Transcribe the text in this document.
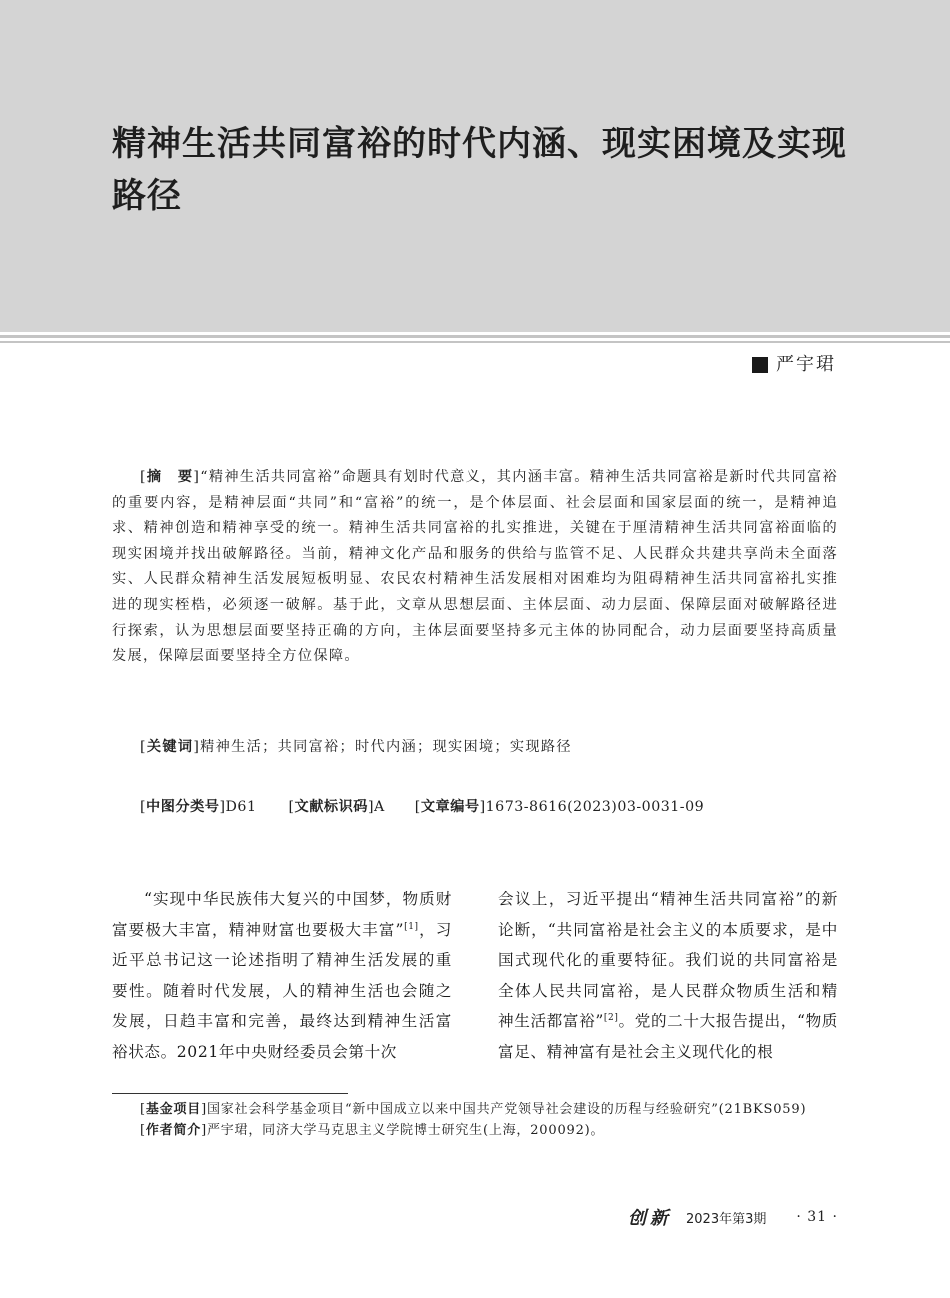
精神生活共同富裕的时代内涵、现实困境及实现路径
严宇珺

[摘　要]“精神生活共同富裕”命题具有划时代意义，其内涵丰富。精神生活共同富裕是新时代共同富裕的重要内容，是精神层面“共同”和“富裕”的统一，是个体层面、社会层面和国家层面的统一，是精神追求、精神创造和精神享受的统一。精神生活共同富裕的扎实推进，关键在于厘清精神生活共同富裕面临的现实困境并找出破解路径。当前，精神文化产品和服务的供给与监管不足、人民群众共建共享尚未全面落实、人民群众精神生活发展短板明显、农民农村精神生活发展相对困难均为阻碍精神生活共同富裕扎实推进的现实桎梏，必须逐一破解。基于此，文章从思想层面、主体层面、动力层面、保障层面对破解路径进行探索，认为思想层面要坚持正确的方向，主体层面要坚持多元主体的协同配合，动力层面要坚持高质量发展，保障层面要坚持全方位保障。

[关键词]精神生活；共同富裕；时代内涵；现实困境；实现路径
[中图分类号]D61 [文献标识码]A [文章编号]1673-8616(2023)03-0031-09

“实现中华民族伟大复兴的中国梦，物质财富要极大丰富，精神财富也要极大丰富”[1]，习近平总书记这一论述指明了精神生活发展的重要性。随着时代发展，人的精神生活也会随之发展，日趋丰富和完善，最终达到精神生活富裕状态。2021年中央财经委员会第十次

会议上，习近平提出“精神生活共同富裕”的新论断，“共同富裕是社会主义的本质要求，是中国式现代化的重要特征。我们说的共同富裕是全体人民共同富裕，是人民群众物质生活和精神生活都富裕”[2]。党的二十大报告提出，“物质富足、精神富有是社会主义现代化的根

[基金项目]国家社会科学基金项目“新中国成立以来中国共产党领导社会建设的历程与经验研究”(21BKS059)

[作者简介]严宇珺，同济大学马克思主义学院博士研究生(上海，200092)。

创新 2023年第3期 · 31 ·
